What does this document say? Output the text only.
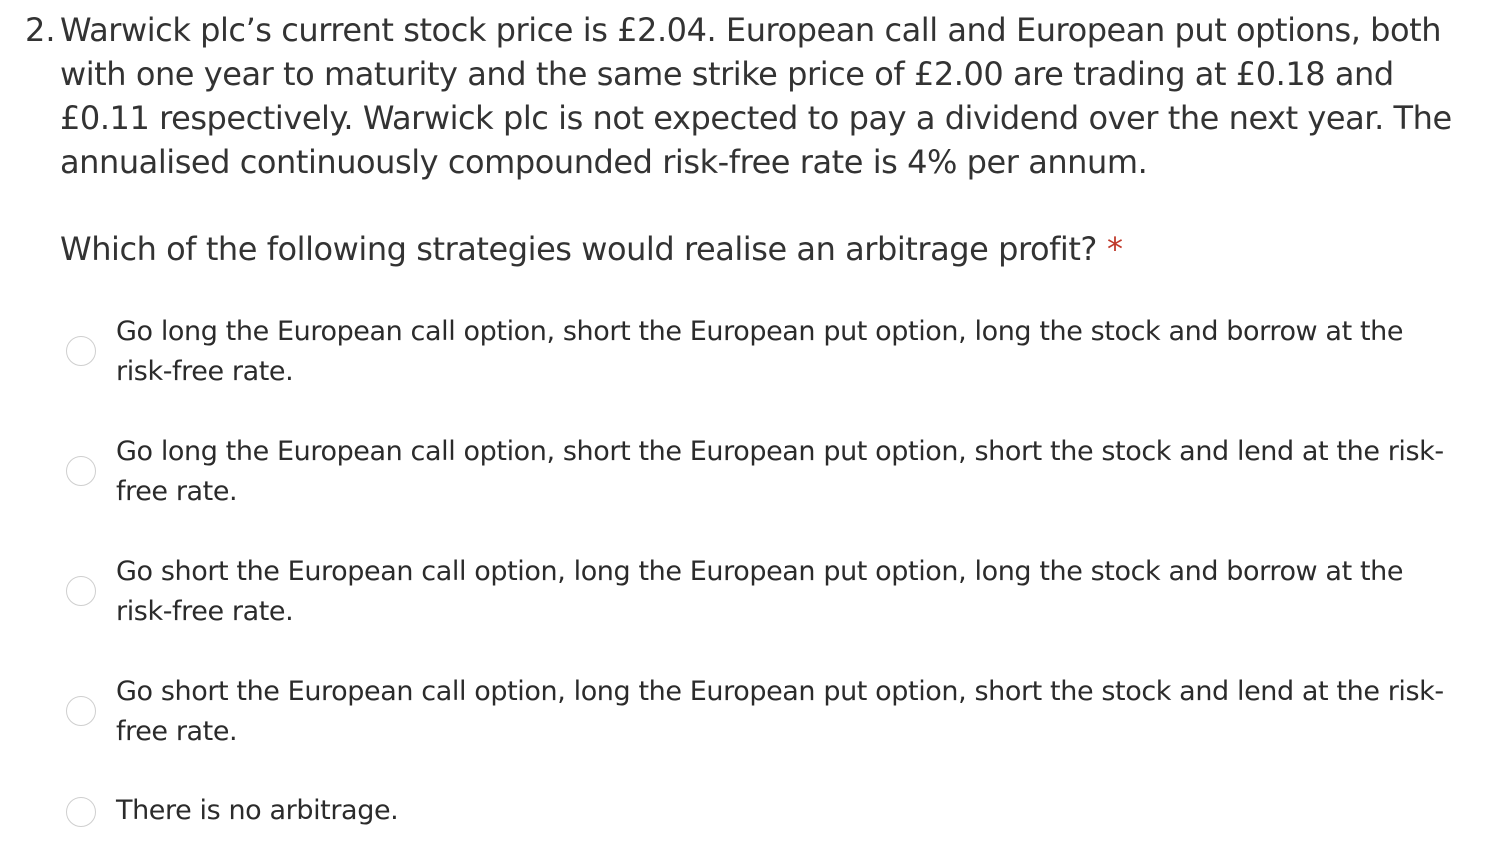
2. Warwick plc’s current stock price is £2.04. European call and European put options, both with one year to maturity and the same strike price of £2.00 are trading at £0.18 and £0.11 respectively. Warwick plc is not expected to pay a dividend over the next year. The annualised continuously compounded risk-free rate is 4% per annum.
Which of the following strategies would realise an arbitrage profit? *
Go long the European call option, short the European put option, long the stock and borrow at the risk-free rate.
Go long the European call option, short the European put option, short the stock and lend at the risk-free rate.
Go short the European call option, long the European put option, long the stock and borrow at the risk-free rate.
Go short the European call option, long the European put option, short the stock and lend at the risk-free rate.
There is no arbitrage.
